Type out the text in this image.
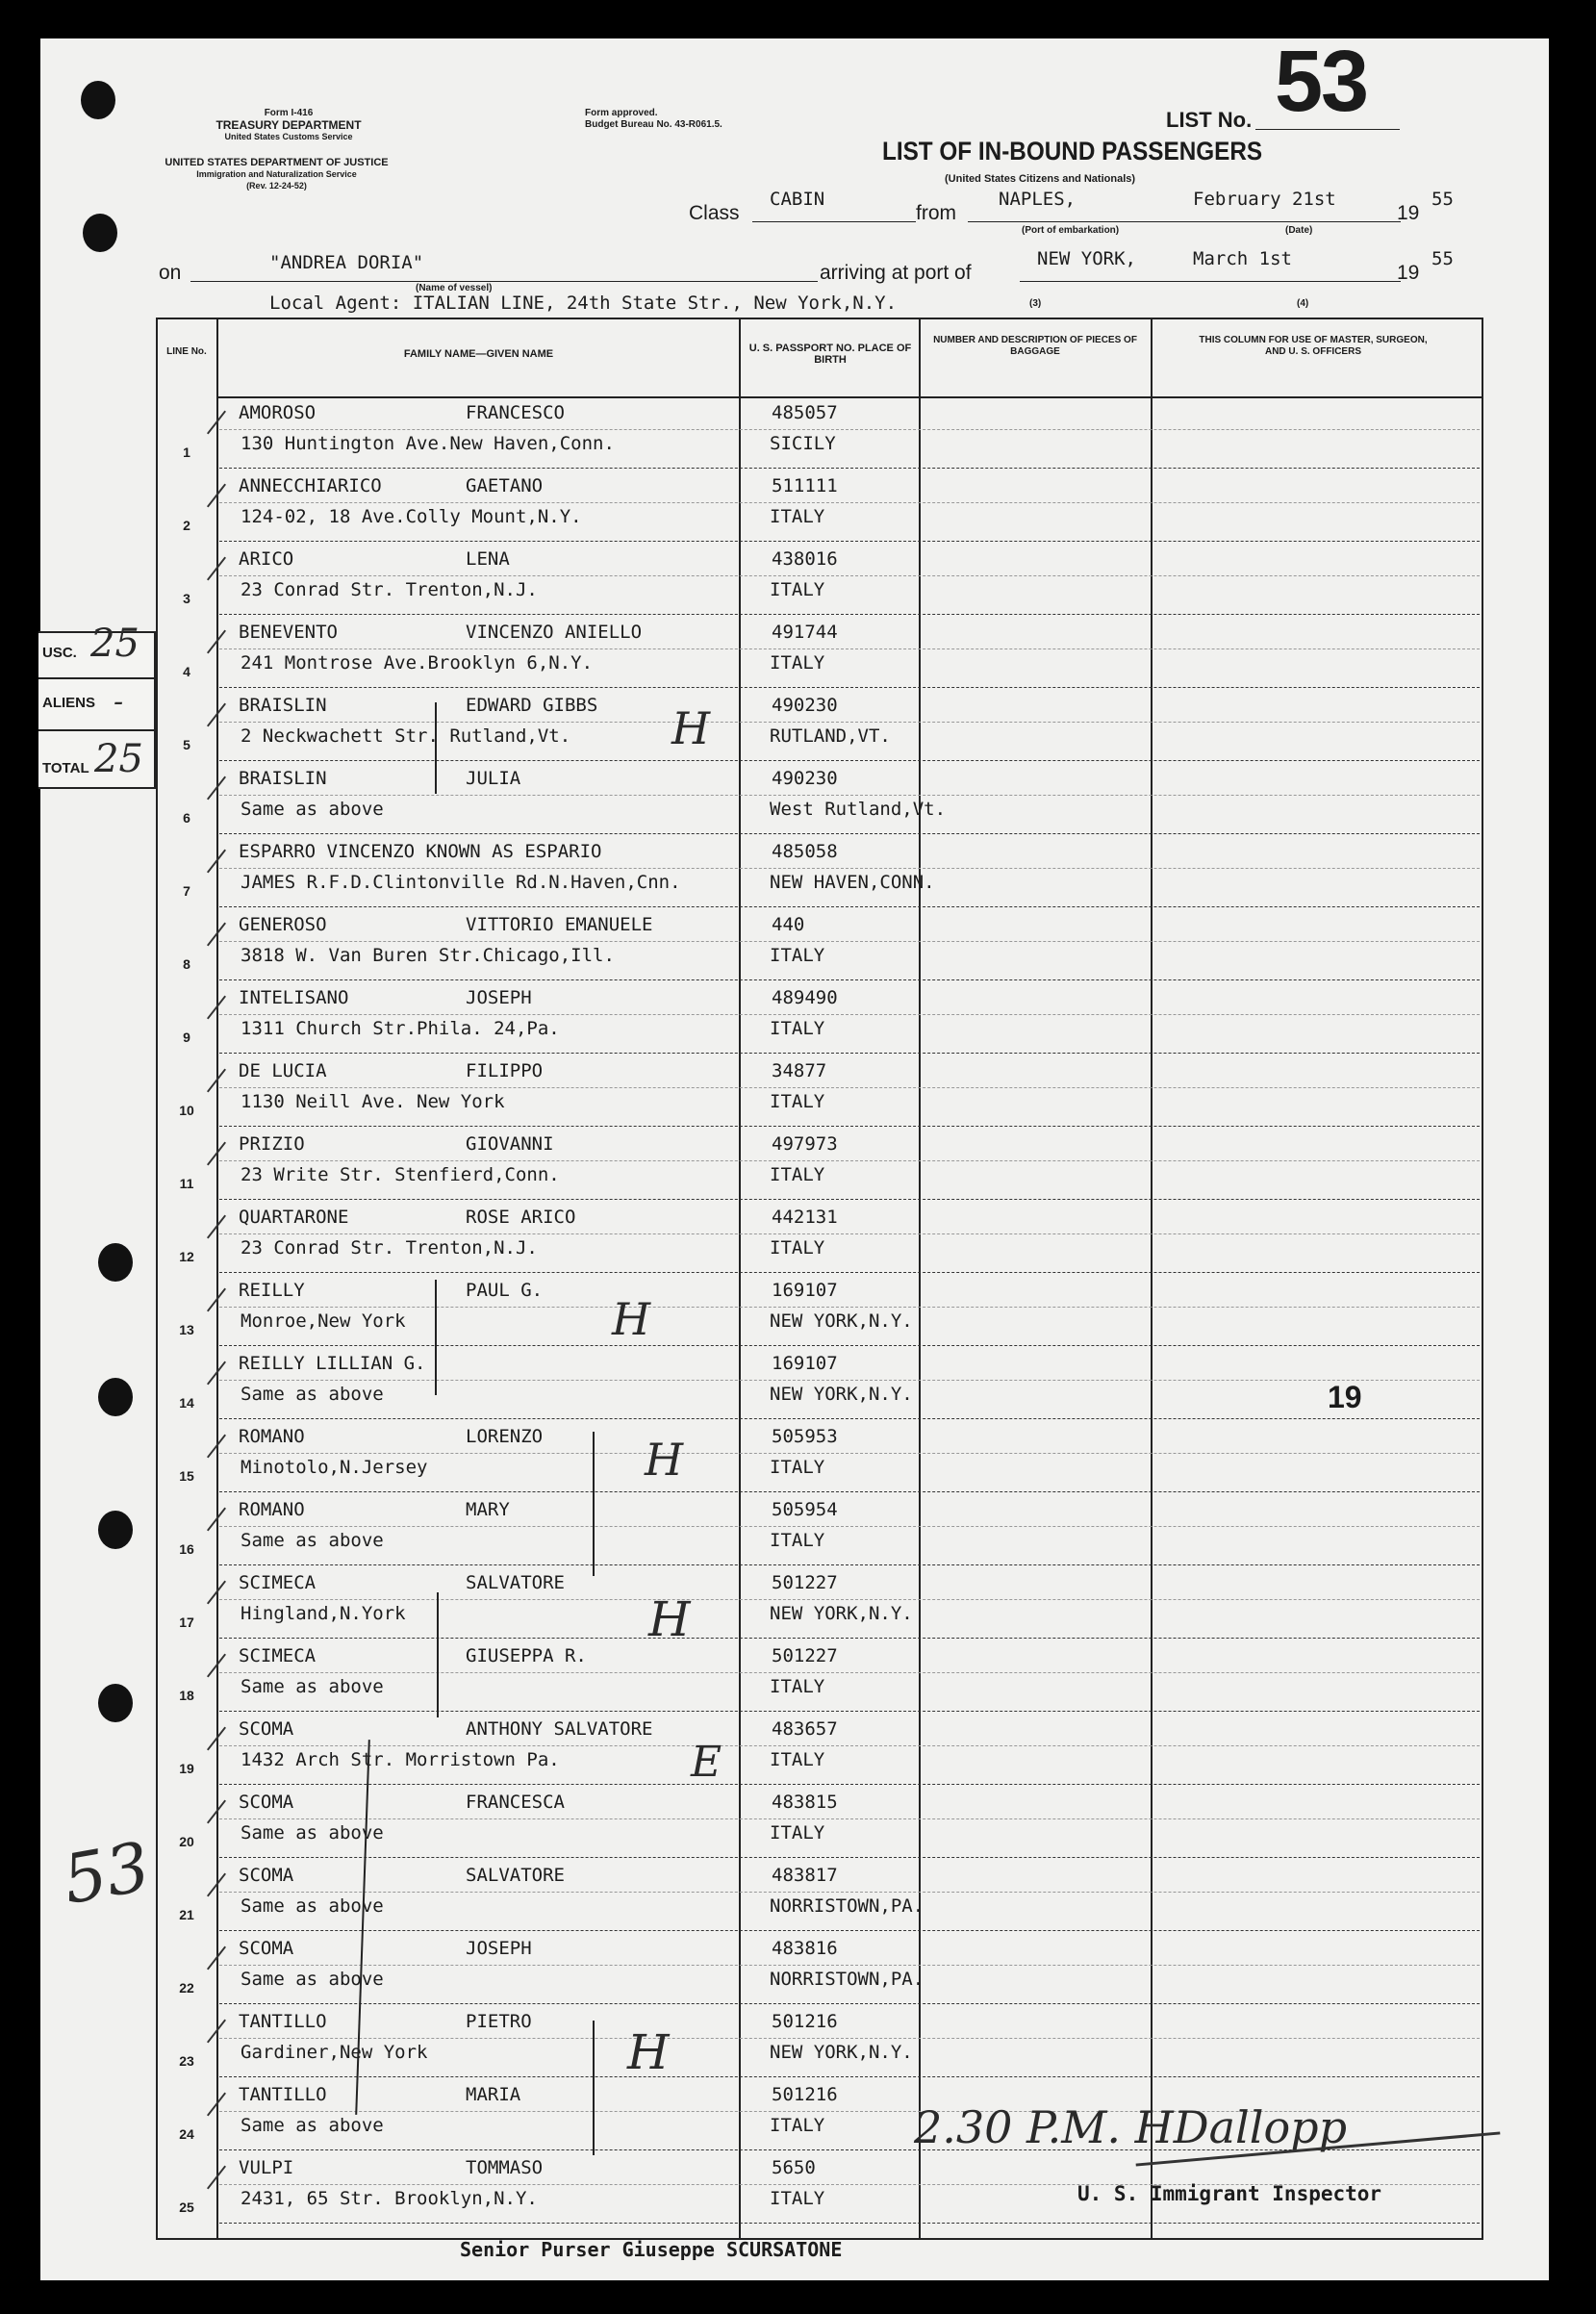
Form I-416
TREASURY DEPARTMENT
United States Customs Service
UNITED STATES DEPARTMENT OF JUSTICE
Immigration and Naturalization Service
(Rev. 12-24-52)
Form approved.
Budget Bureau No. 43-R061.5.	LIST No. 53
LIST OF IN-BOUND PASSENGERS
(United States Citizens and Nationals)
Class
CABIN
from
NAPLES,	February 21st
(Port of embarkation)	(Date)
19
55
on	"ANDREA DORIA"
(Name of vessel)
arriving at port of
NEW YORK,	March 1st
19
55
Local Agent: ITALIAN LINE, 24th State Str., New York,N.Y.	(3)	(4)
LINE No.	FAMILY NAME—GIVEN NAME	U. S. PASSPORT NO. PLACE OF BIRTH
NUMBER AND DESCRIPTION OF PIECES OF BAGGAGE
THIS COLUMN FOR USE OF MASTER, SURGEON, AND U. S. OFFICERS
1
AMOROSO	FRANCESCO
130 Huntington Ave.New Haven,Conn.
485057
SICILY
2
ANNECCHIARICO	GAETANO
124-02, 18 Ave.Colly Mount,N.Y.
511111
ITALY
3
ARICO	LENA
23 Conrad Str. Trenton,N.J.
438016
ITALY
4
BENEVENTO	VINCENZO ANIELLO
241 Montrose Ave.Brooklyn 6,N.Y.
491744
ITALY
5
BRAISLIN	EDWARD GIBBS
2 Neckwachett Str. Rutland,Vt.
490230
RUTLAND,VT.
6
BRAISLIN	JULIA
Same as above
490230
West Rutland,Vt.
7
ESPARRO VINCENZO KNOWN AS ESPARIO
JAMES R.F.D.Clintonville Rd.N.Haven,Cnn.
485058
NEW HAVEN,CONN.
8
GENEROSO	VITTORIO EMANUELE
3818 W. Van Buren Str.Chicago,Ill.
440
ITALY
9
INTELISANO	JOSEPH
1311 Church Str.Phila. 24,Pa.
489490
ITALY
10
DE LUCIA	FILIPPO
1130 Neill Ave. New York
34877
ITALY
11
PRIZIO	GIOVANNI
23 Write Str. Stenfierd,Conn.
497973
ITALY
12
QUARTARONE	ROSE ARICO
23 Conrad Str. Trenton,N.J.
442131
ITALY
13
REILLY	PAUL G.
Monroe,New York
169107
NEW YORK,N.Y.
14
REILLY LILLIAN G.
Same as above
169107
NEW YORK,N.Y.
15
ROMANO	LORENZO
Minotolo,N.Jersey
505953
ITALY
16
ROMANO	MARY
Same as above
505954
ITALY
17
SCIMECA	SALVATORE
Hingland,N.York
501227
NEW YORK,N.Y.
18
SCIMECA	GIUSEPPA R.
Same as above
501227
ITALY
19
SCOMA	ANTHONY SALVATORE
1432 Arch Str. Morristown Pa.
483657
ITALY
20
SCOMA	FRANCESCA
Same as above
483815
ITALY
21
SCOMA	SALVATORE
Same as above
483817
NORRISTOWN,PA.
22
SCOMA	JOSEPH
Same as above
483816
NORRISTOWN,PA.
23
TANTILLO	PIETRO
Gardiner,New York
501216
NEW YORK,N.Y.
24
TANTILLO	MARIA
Same as above
501216
ITALY
25
VULPI	TOMMASO
2431, 65 Str. Brooklyn,N.Y.
5650
ITALY
USC. 25
ALIENS -
TOTAL 25
19
53
2.30 P.M. HDallopp
U. S. Immigrant Inspector
Senior Purser Giuseppe SCURSATONE
H
H
H
H
E
H
